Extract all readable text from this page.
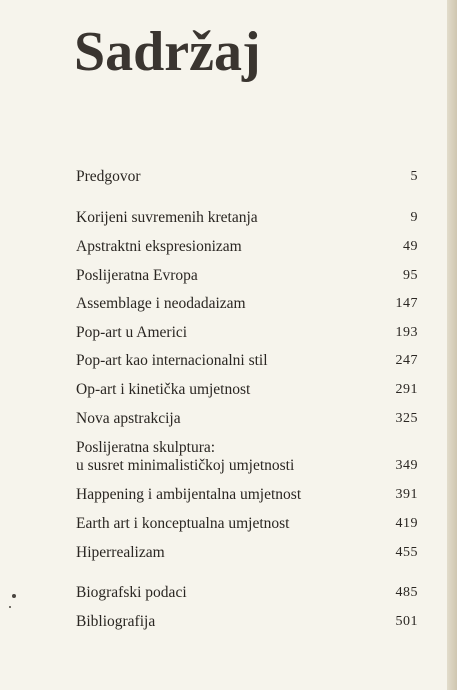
Sadržaj
Predgovor	5
Korijeni suvremenih kretanja	9
Apstraktni ekspresionizam	49
Poslijeratna Evropa	95
Assemblage i neodadaizam	147
Pop-art u Americi	193
Pop-art kao internacionalni stil	247
Op-art i kinetička umjetnost	291
Nova apstrakcija	325
Poslijeratna skulptura:
u susret minimalističkoj umjetnosti	349
Happening i ambijentalna umjetnost	391
Earth art i konceptualna umjetnost	419
Hiperrealizam	455
Biografski podaci	485
Bibliografija	501
